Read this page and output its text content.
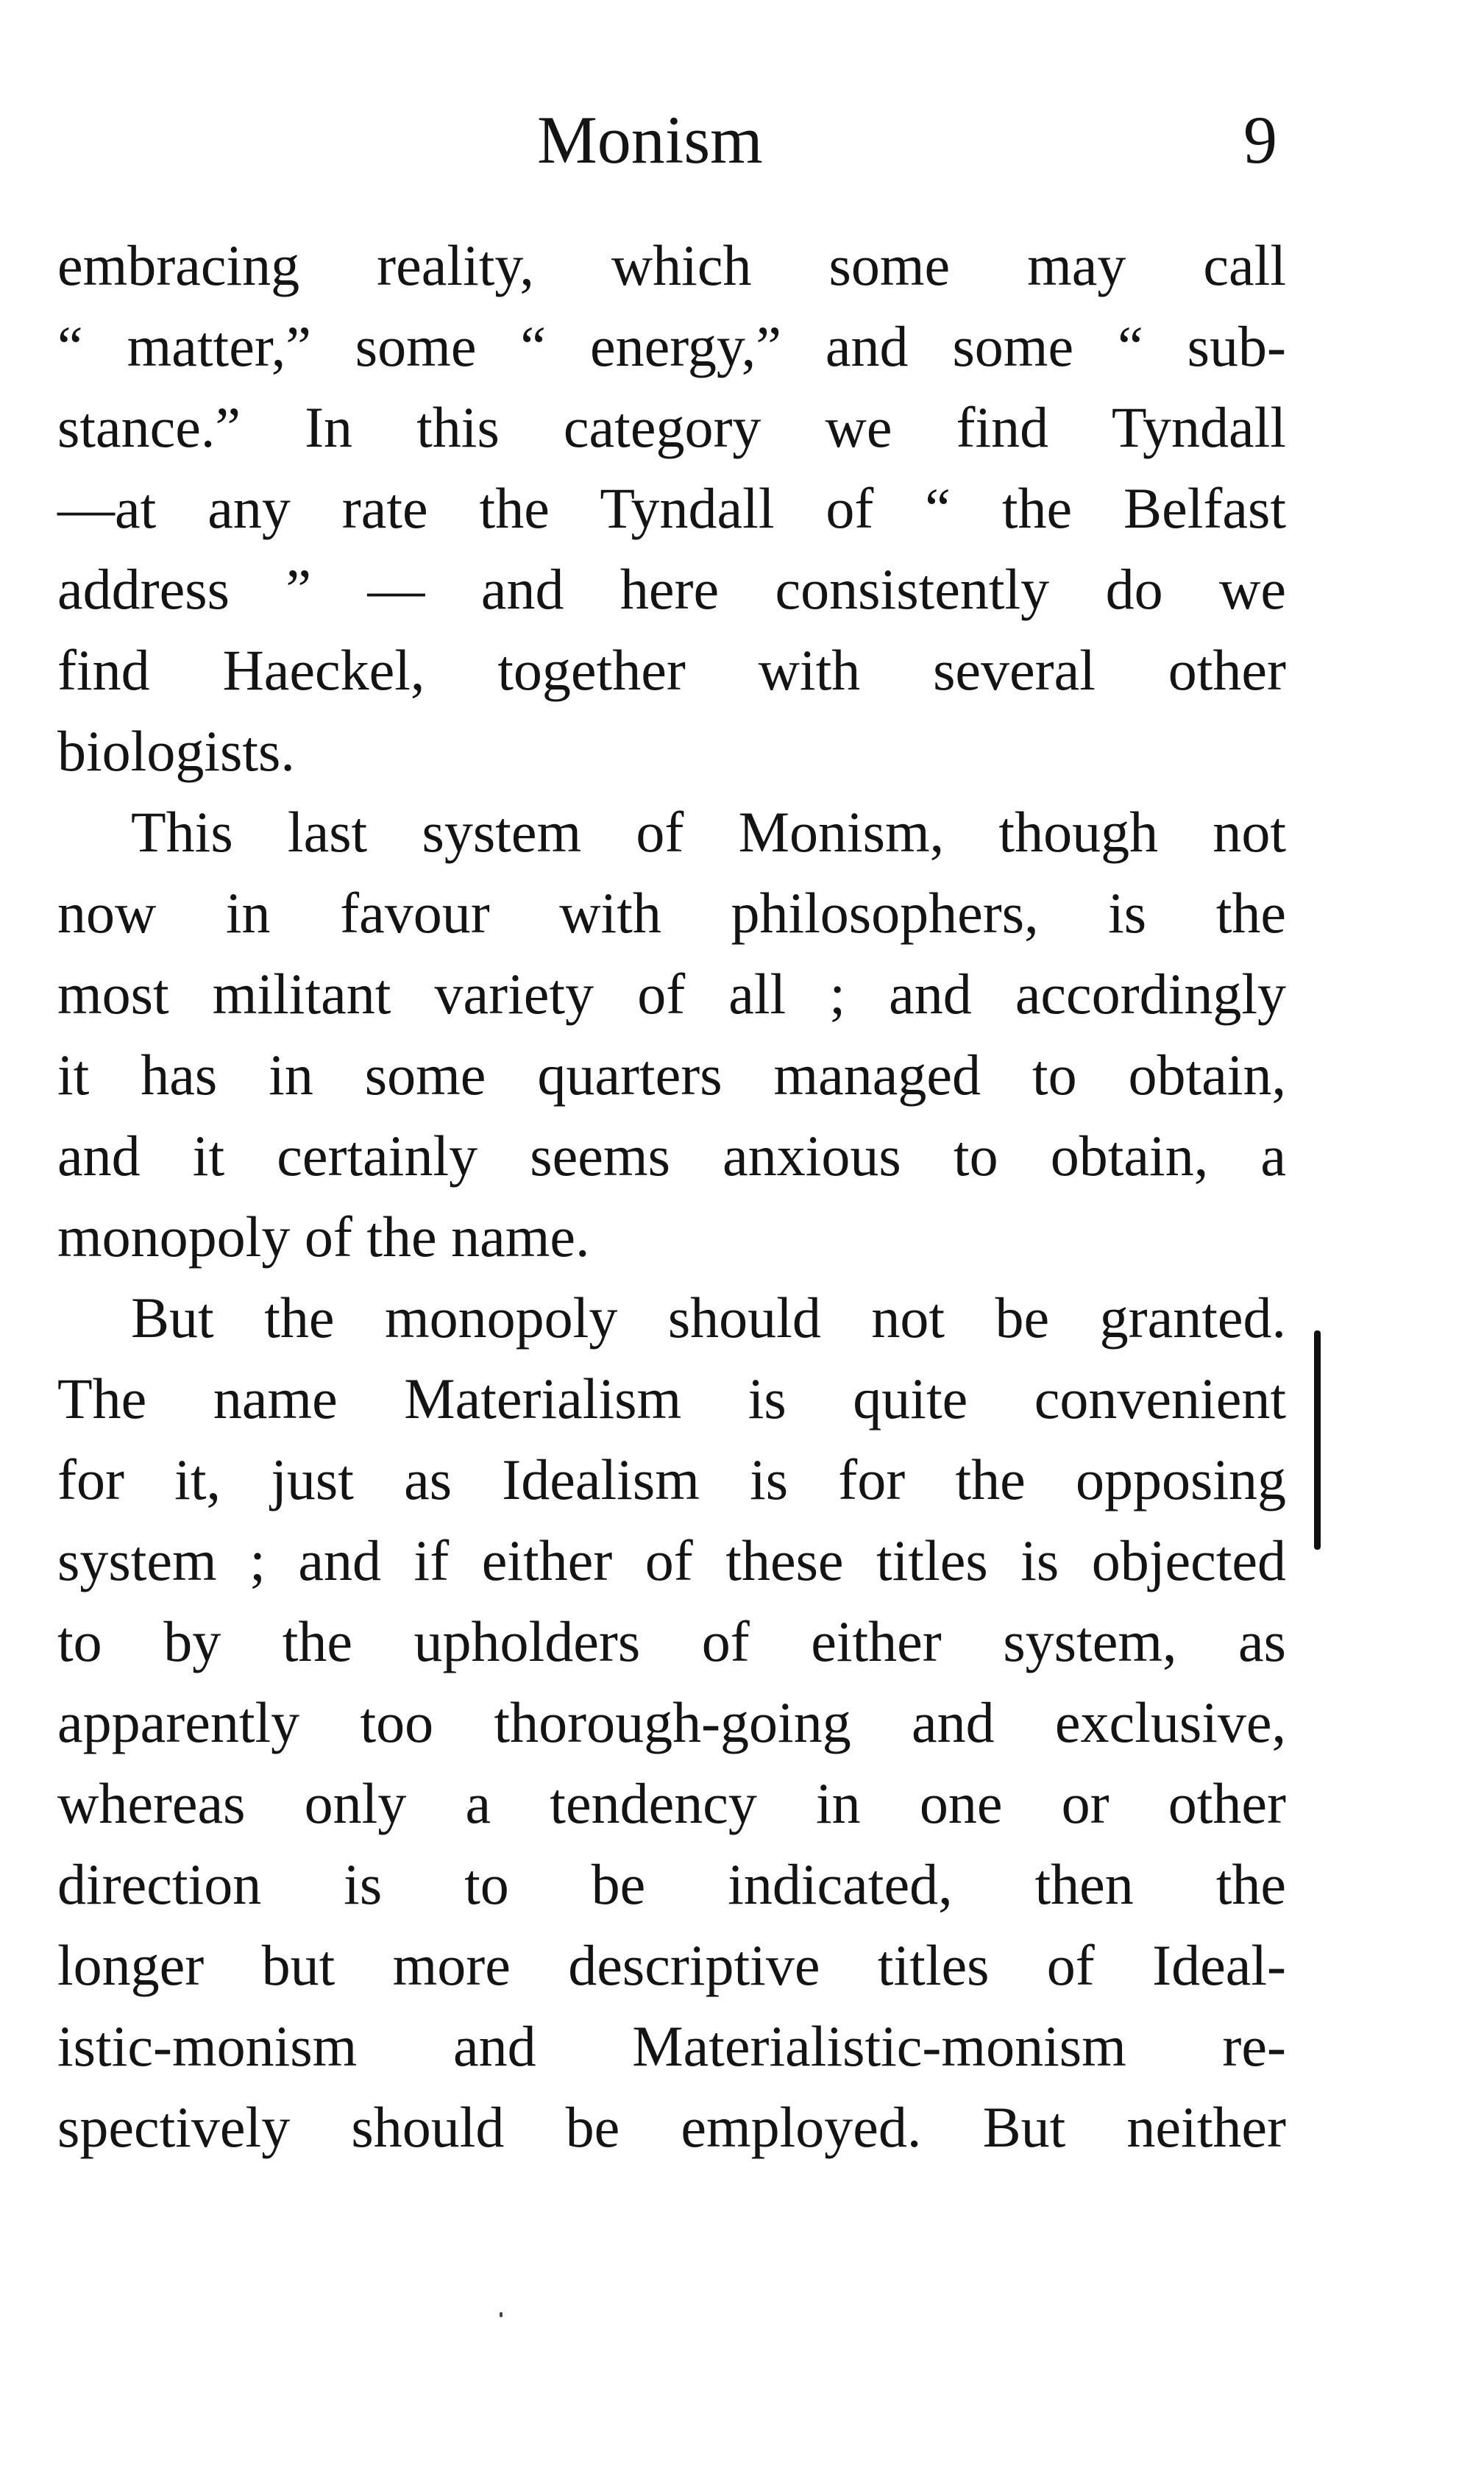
Monism	9
embracing reality, which some may call
“ matter,” some “ energy,” and some “ sub-
stance.” In this category we find Tyndall
—at any rate the Tyndall of “ the Belfast
address ” — and here consistently do we
find Haeckel, together with several other
biologists.
This last system of Monism, though not
now in favour with philosophers, is the
most militant variety of all ; and accordingly
it has in some quarters managed to obtain,
and it certainly seems anxious to obtain, a
monopoly of the name.
But the monopoly should not be granted.
The name Materialism is quite convenient
for it, just as Idealism is for the opposing
system ; and if either of these titles is objected
to by the upholders of either system, as
apparently too thorough-going and exclusive,
whereas only a tendency in one or other
direction is to be indicated, then the
longer but more descriptive titles of Ideal-
istic-monism and Materialistic-monism re-
spectively should be employed. But neither
